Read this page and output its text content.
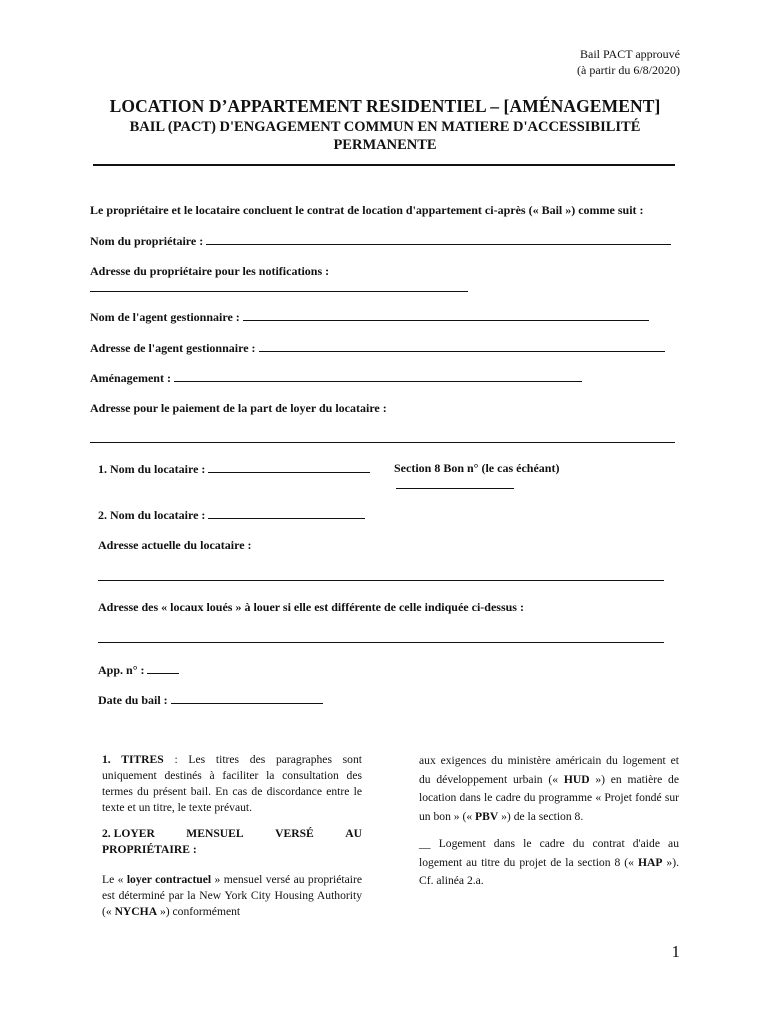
Bail PACT approuvé
(à partir du 6/8/2020)
LOCATION D’APPARTEMENT RESIDENTIEL – [AMÉNAGEMENT]
BAIL (PACT) D'ENGAGEMENT COMMUN EN MATIERE D'ACCESSIBILITÉ
PERMANENTE
Le propriétaire et le locataire concluent le contrat de location d'appartement ci-après (« Bail ») comme suit :
Nom du propriétaire :
Adresse du propriétaire pour les notifications :
Nom de l'agent gestionnaire :
Adresse de l'agent gestionnaire :
Aménagement :
Adresse pour le paiement de la part de loyer du locataire :
1. Nom du locataire :	Section 8 Bon n° (le cas échéant)
2. Nom du locataire :
Adresse actuelle du locataire :
Adresse des « locaux loués » à louer si elle est différente de celle indiquée ci-dessus :
App. n° :
Date du bail :
1. TITRES : Les titres des paragraphes sont uniquement destinés à faciliter la consultation des termes du présent bail. En cas de discordance entre le texte et un titre, le texte prévaut.
2. LOYER	MENSUEL	VERSÉ	AU
PROPRIÉTAIRE :
Le « loyer contractuel » mensuel versé au propriétaire est déterminé par la New York City Housing Authority (« NYCHA ») conformément
aux exigences du ministère américain du logement et du développement urbain (« HUD ») en matière de location dans le cadre du programme « Projet fondé sur un bon » (« PBV ») de la section 8.
__ Logement dans le cadre du contrat d'aide au logement au titre du projet de la section 8 (« HAP »). Cf. alinéa 2.a.
1
